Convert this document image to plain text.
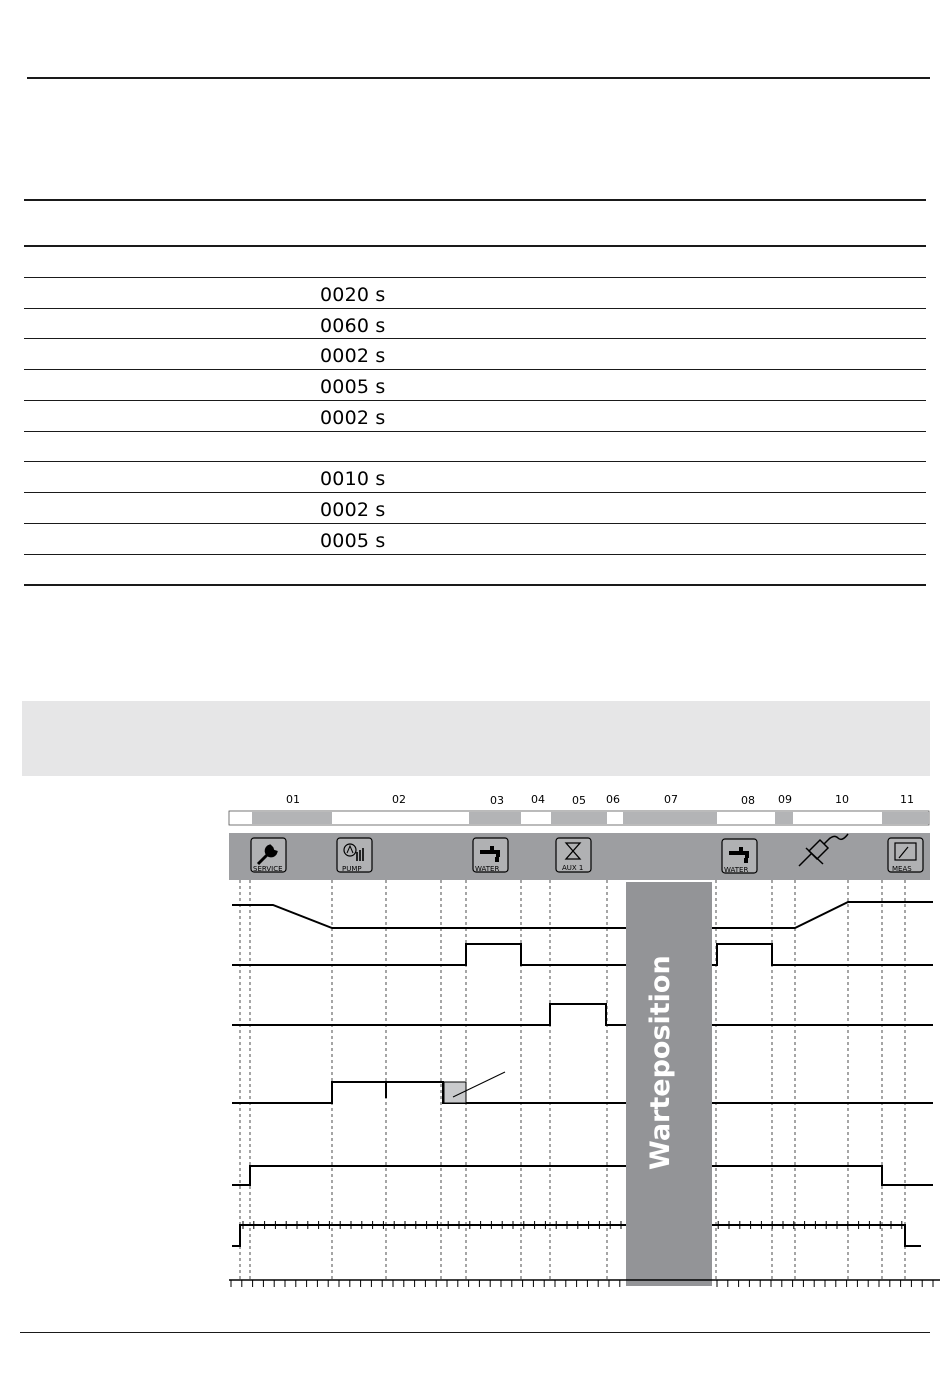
0020 s
0060 s
0002 s
0005 s
0002 s
0010 s
0002 s
0005 s
01	02	03 04 05 06	07	08 09	10	11
SERVICE	PUMP	WATER	AUX 1	WATER	MEAS
Warteposition
